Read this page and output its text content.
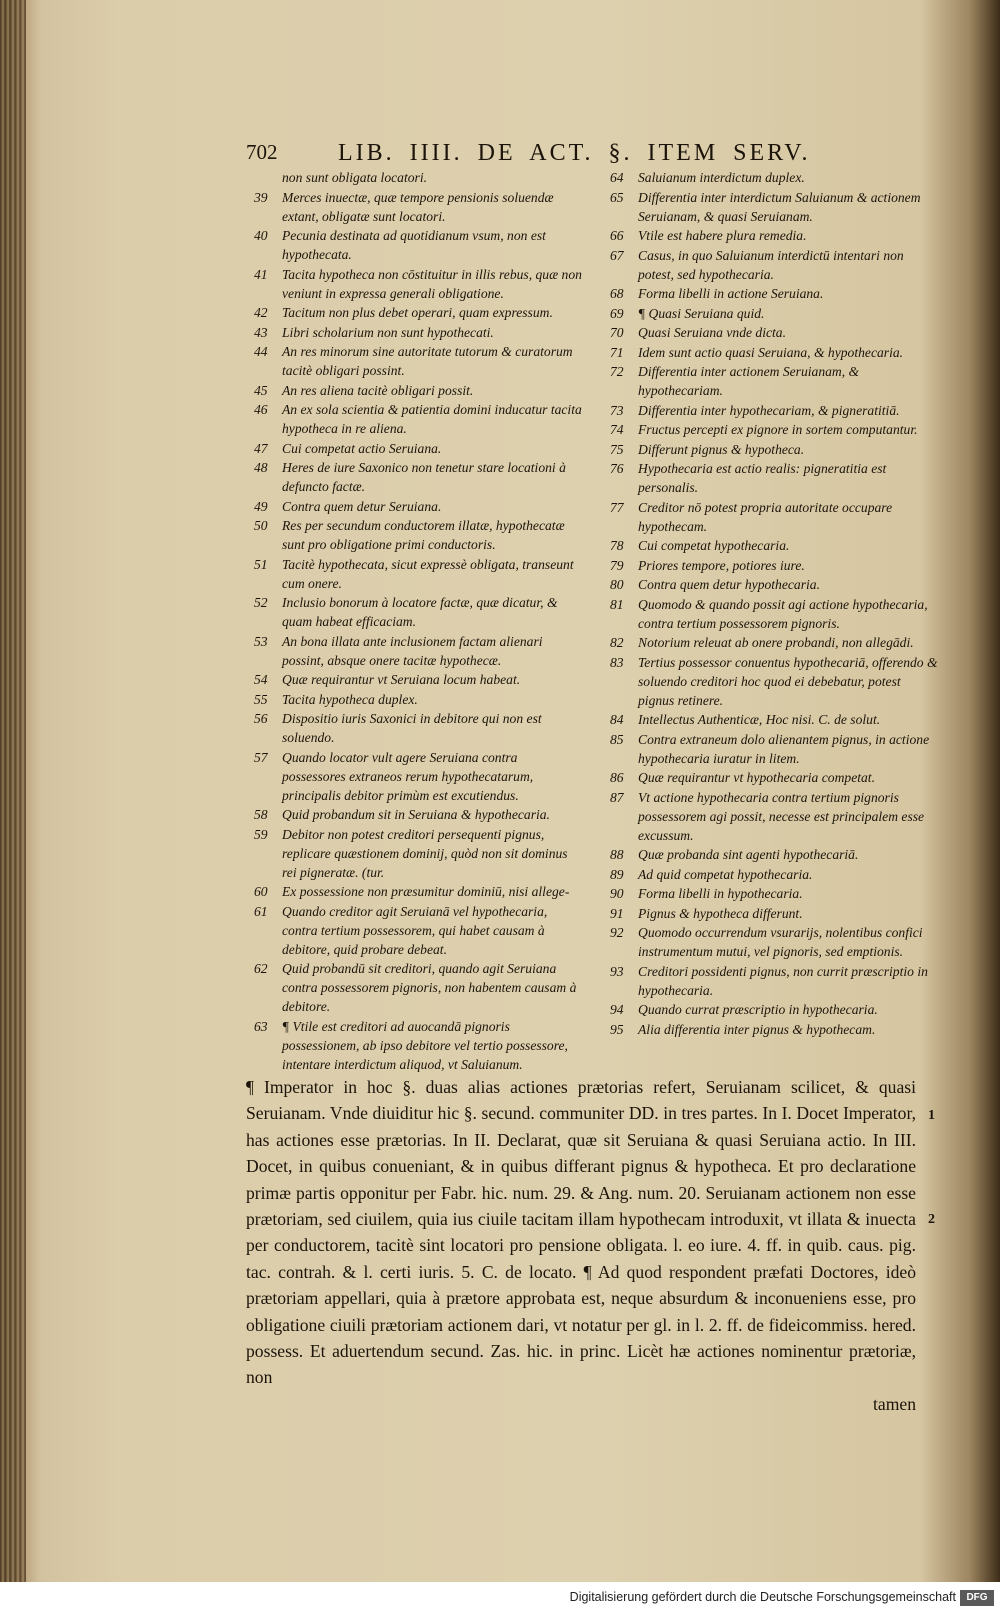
702	LIB. IIII. DE ACT. §. ITEM SERV.
non sunt obligata locatori.
39	Merces inuectæ, quæ tempore pensionis soluendæ extant, obligatæ sunt locatori.
40	Pecunia destinata ad quotidianum vsum, non est hypothecata.
41	Tacita hypotheca non cōstituitur in illis rebus, quæ non veniunt in expressa generali obligatione.
42	Tacitum non plus debet operari, quam expressum.
43	Libri scholarium non sunt hypothecati.
44	An res minorum sine autoritate tutorum & curatorum tacitè obligari possint.
45	An res aliena tacitè obligari possit.
46	An ex sola scientia & patientia domini inducatur tacita hypotheca in re aliena.
47	Cui competat actio Seruiana.
48	Heres de iure Saxonico non tenetur stare locationi à defuncto factæ.
49	Contra quem detur Seruiana.
50	Res per secundum conductorem illatæ, hypothecatæ sunt pro obligatione primi conductoris.
51	Tacitè hypothecata, sicut expressè obligata, transeunt cum onere.
52	Inclusio bonorum à locatore factæ, quæ dicatur, & quam habeat efficaciam.
53	An bona illata ante inclusionem factam alienari possint, absque onere tacitæ hypothecæ.
54	Quæ requirantur vt Seruiana locum habeat.
55	Tacita hypotheca duplex.
56	Dispositio iuris Saxonici in debitore qui non est soluendo.
57	Quando locator vult agere Seruiana contra possessores extraneos rerum hypothecatarum, principalis debitor primùm est excutiendus.
58	Quid probandum sit in Seruiana & hypothecaria.
59	Debitor non potest creditori persequenti pignus, replicare quæstionem dominij, quòd non sit dominus rei pigneratæ. (tur.
60	Ex possessione non præsumitur dominiū, nisi allege-
61	Quando creditor agit Seruianā vel hypothecaria, contra tertium possessorem, qui habet causam à debitore, quid probare debeat.
62	Quid probandū sit creditori, quando agit Seruiana contra possessorem pignoris, non habentem causam à debitore.
63	¶ Vtile est creditori ad auocandā pignoris possessionem, ab ipso debitore vel tertio possessore, intentare interdictum aliquod, vt Saluianum.
64	Saluianum interdictum duplex.
65	Differentia inter interdictum Saluianum & actionem Seruianam, & quasi Seruianam.
66	Vtile est habere plura remedia.
67	Casus, in quo Saluianum interdictū intentari non potest, sed hypothecaria.
68	Forma libelli in actione Seruiana.
69	¶ Quasi Seruiana quid.
70	Quasi Seruiana vnde dicta.
71	Idem sunt actio quasi Seruiana, & hypothecaria.
72	Differentia inter actionem Seruianam, & hypothecariam.
73	Differentia inter hypothecariam, & pigneratitiā.
74	Fructus percepti ex pignore in sortem computantur.
75	Differunt pignus & hypotheca.
76	Hypothecaria est actio realis: pigneratitia est personalis.
77	Creditor nō potest propria autoritate occupare hypothecam.
78	Cui competat hypothecaria.
79	Priores tempore, potiores iure.
80	Contra quem detur hypothecaria.
81	Quomodo & quando possit agi actione hypothecaria, contra tertium possessorem pignoris.
82	Notorium releuat ab onere probandi, non allegādi.
83	Tertius possessor conuentus hypothecariā, offerendo & soluendo creditori hoc quod ei debebatur, potest pignus retinere.
84	Intellectus Authenticæ, Hoc nisi. C. de solut.
85	Contra extraneum dolo alienantem pignus, in actione hypothecaria iuratur in litem.
86	Quæ requirantur vt hypothecaria competat.
87	Vt actione hypothecaria contra tertium pignoris possessorem agi possit, necesse est principalem esse excussum.
88	Quæ probanda sint agenti hypothecariā.
89	Ad quid competat hypothecaria.
90	Forma libelli in hypothecaria.
91	Pignus & hypotheca differunt.
92	Quomodo occurrendum vsurarijs, nolentibus confici instrumentum mutui, vel pignoris, sed emptionis.
93	Creditori possidenti pignus, non currit præscriptio in hypothecaria.
94	Quando currat præscriptio in hypothecaria.
95	Alia differentia inter pignus & hypothecam.

¶ Imperator in hoc §. duas alias actiones prætorias refert, Seruianam scilicet, & quasi Seruianam. Vnde diuiditur hic §. secund. communiter DD. in tres partes. In I. Docet Imperator, has actiones esse prætorias. In II. Declarat, quæ sit Seruiana & quasi Seruiana actio. In III. Docet, in quibus conueniant, & in quibus differant pignus & hypotheca. Et pro declaratione primæ partis opponitur per Fabr. hic. num. 29. & Ang. num. 20. Seruianam actionem non esse prætoriam, sed ciuilem, quia ius ciuile tacitam illam hypothecam introduxit, vt illata & inuecta per conductorem, tacitè sint locatori pro pensione obligata. l. eo iure. 4. ff. in quib. caus. pig. tac. contrah. & l. certi iuris. 5. C. de locato. ¶ Ad quod respondent præfati Doctores, ideò prætoriam appellari, quia à prætore approbata est, neque absurdum & inconueniens esse, pro obligatione ciuili prætoriam actionem dari, vt notatur per gl. in l. 2. ff. de fideicommiss. hered. possess. Et aduertendum secund. Zas. hic. in princ. Licèt hæ actiones nominentur prætoriæ, non

tamen
1
2
Digitalisierung gefördert durch die Deutsche Forschungsgemeinschaft	DFG
